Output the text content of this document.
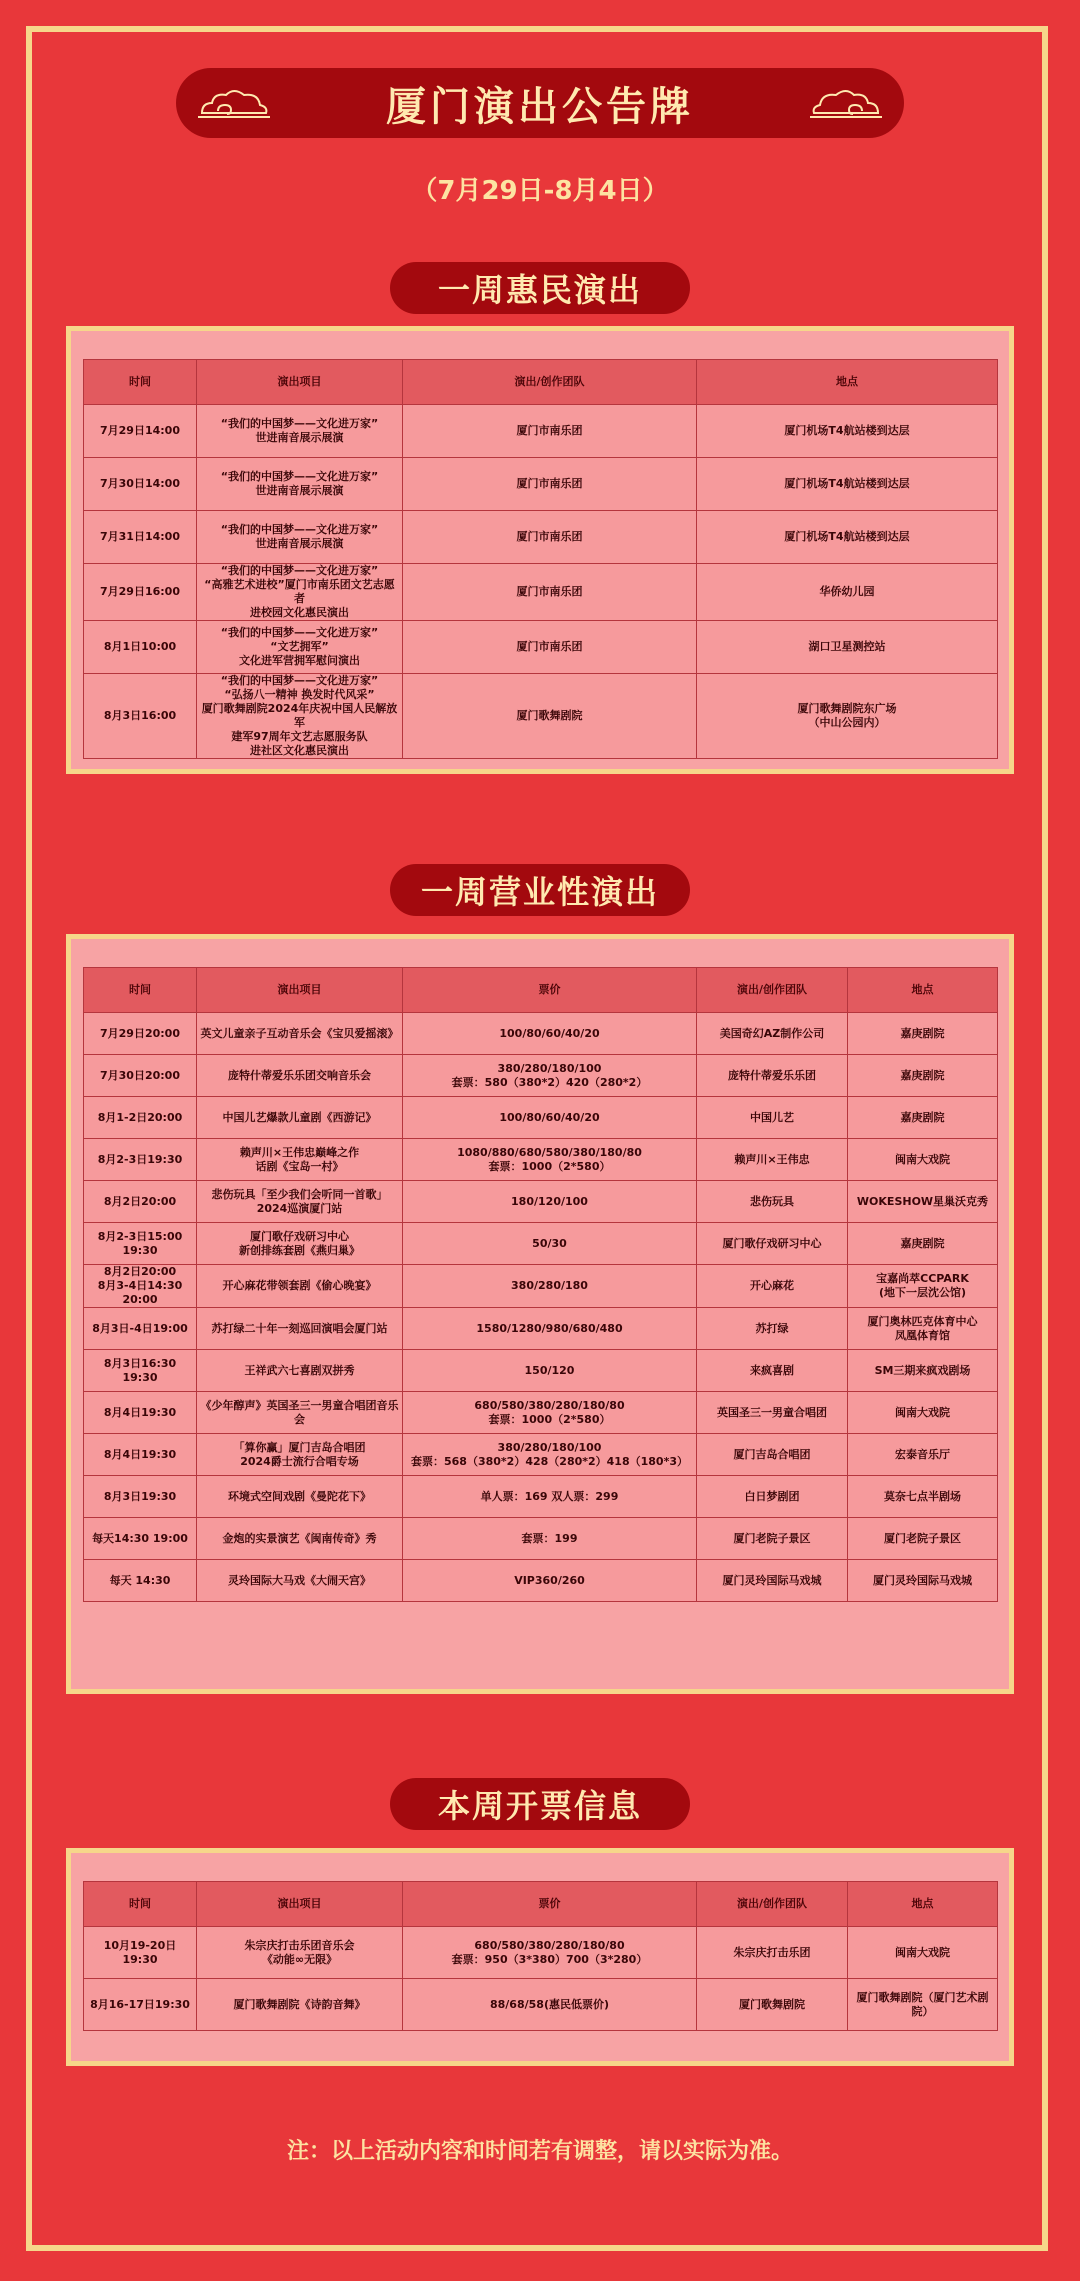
厦门演出公告牌
（7月29日-8月4日）
一周惠民演出
时间	演出项目	演出/创作团队	地点
7月29日14:00	“我们的中国梦——文化进万家”
世进南音展示展演	厦门市南乐团	厦门机场T4航站楼到达层

7月30日14:00	“我们的中国梦——文化进万家”
世进南音展示展演	厦门市南乐团	厦门机场T4航站楼到达层

7月31日14:00	“我们的中国梦——文化进万家”
世进南音展示展演	厦门市南乐团	厦门机场T4航站楼到达层

7月29日16:00	“我们的中国梦——文化进万家”
“高雅艺术进校”厦门市南乐团文艺志愿者
进校园文化惠民演出	厦门市南乐团	华侨幼儿园

8月1日10:00	“我们的中国梦——文化进万家”
“文艺拥军”
文化进军营拥军慰问演出	厦门市南乐团	湖口卫星测控站

8月3日16:00	“我们的中国梦——文化进万家”
“弘扬八一精神 换发时代风采”
厦门歌舞剧院2024年庆祝中国人民解放军
建军97周年文艺志愿服务队
进社区文化惠民演出	厦门歌舞剧院	厦门歌舞剧院东广场
（中山公园内）
一周营业性演出
时间	演出项目	票价	演出/创作团队	地点

7月29日20:00	英文儿童亲子互动音乐会《宝贝爱摇滚》	100/80/60/40/20	美国奇幻AZ制作公司	嘉庚剧院

7月30日20:00	庞特什蒂爱乐乐团交响音乐会	380/280/180/100
套票：580（380*2）420（280*2）	庞特什蒂爱乐乐团	嘉庚剧院

8月1-2日20:00	中国儿艺爆款儿童剧《西游记》	100/80/60/40/20	中国儿艺	嘉庚剧院

8月2-3日19:30	赖声川×王伟忠巅峰之作
话剧《宝岛一村》	1080/880/680/580/380/180/80
套票：1000（2*580）	赖声川×王伟忠	闽南大戏院

8月2日20:00	悲伤玩具「至少我们会听同一首歌」
2024巡演厦门站	180/120/100	悲伤玩具	WOKESHOW星巢沃克秀

8月2-3日15:00 19:30	厦门歌仔戏研习中心
新创排练套剧《燕归巢》	50/30	厦门歌仔戏研习中心	嘉庚剧院

8月2日20:00
8月3-4日14:30 20:00	开心麻花带领套剧《偷心晚宴》	380/280/180	开心麻花	宝嘉尚萃CCPARK
(地下一层沈公馆)

8月3日-4日19:00	苏打绿二十年一刻巡回演唱会厦门站	1580/1280/980/680/480	苏打绿	厦门奥林匹克体育中心
凤凰体育馆

8月3日16:30 19:30	王祥武六七喜剧双拼秀	150/120	来疯喜剧	SM三期来疯戏剧场

8月4日19:30	《少年醇声》英国圣三一男童合唱团音乐会	680/580/380/280/180/80
套票：1000（2*580）	英国圣三一男童合唱团	闽南大戏院

8月4日19:30	「算你赢」厦门吉岛合唱团
2024爵士流行合唱专场	380/280/180/100
套票：568（380*2）428（280*2）418（180*3）	厦门吉岛合唱团	宏泰音乐厅

8月3日19:30	环境式空间戏剧《曼陀花下》	单人票：169 双人票：299	白日梦剧团	莫奈七点半剧场

每天14:30 19:00	金炮的实景演艺《闽南传奇》秀	套票：199	厦门老院子景区	厦门老院子景区

每天 14:30	灵玲国际大马戏《大闹天宫》	VIP360/260	厦门灵玲国际马戏城	厦门灵玲国际马戏城
本周开票信息
时间	演出项目	票价	演出/创作团队	地点

10月19-20日19:30	朱宗庆打击乐团音乐会
《动能∞无限》	680/580/380/280/180/80
套票：950（3*380）700（3*280）	朱宗庆打击乐团	闽南大戏院

8月16-17日19:30	厦门歌舞剧院《诗韵音舞》	88/68/58(惠民低票价)	厦门歌舞剧院	厦门歌舞剧院（厦门艺术剧院）
注：以上活动内容和时间若有调整，请以实际为准。
